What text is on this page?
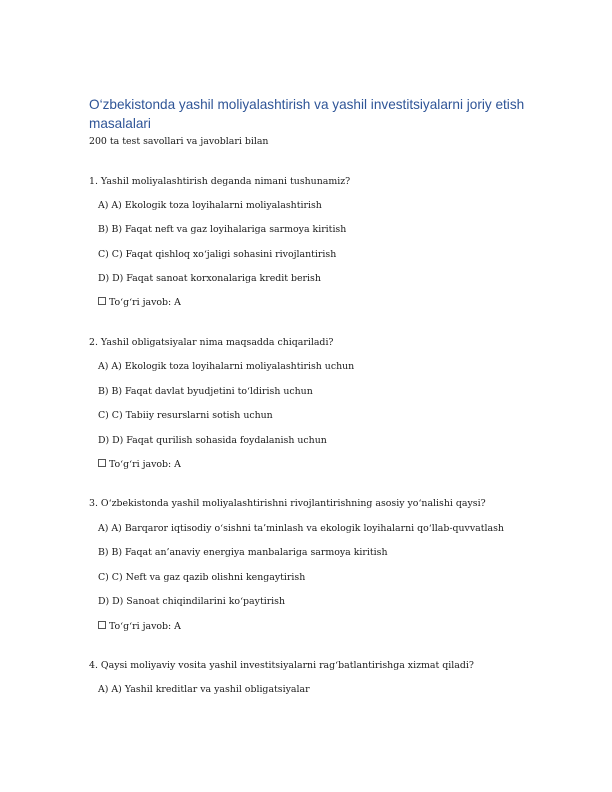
O‘zbekistonda yashil moliyalashtirish va yashil investitsiyalarni joriy etish masalalari

200 ta test savollari va javoblari bilan

1. Yashil moliyalashtirish deganda nimani tushunamiz?

A) A) Ekologik toza loyihalarni moliyalashtirish

B) B) Faqat neft va gaz loyihalariga sarmoya kiritish

C) C) Faqat qishloq xo‘jaligi sohasini rivojlantirish

D) D) Faqat sanoat korxonalariga kredit berish

To‘g‘ri javob: A

2. Yashil obligatsiyalar nima maqsadda chiqariladi?

A) A) Ekologik toza loyihalarni moliyalashtirish uchun

B) B) Faqat davlat byudjetini to‘ldirish uchun

C) C) Tabiiy resurslarni sotish uchun

D) D) Faqat qurilish sohasida foydalanish uchun

To‘g‘ri javob: A

3. O‘zbekistonda yashil moliyalashtirishni rivojlantirishning asosiy yo‘nalishi qaysi?

A) A) Barqaror iqtisodiy o‘sishni ta’minlash va ekologik loyihalarni qo‘llab-quvvatlash

B) B) Faqat an’anaviy energiya manbalariga sarmoya kiritish

C) C) Neft va gaz qazib olishni kengaytirish

D) D) Sanoat chiqindilarini ko‘paytirish

To‘g‘ri javob: A

4. Qaysi moliyaviy vosita yashil investitsiyalarni rag‘batlantirishga xizmat qiladi?

A) A) Yashil kreditlar va yashil obligatsiyalar
